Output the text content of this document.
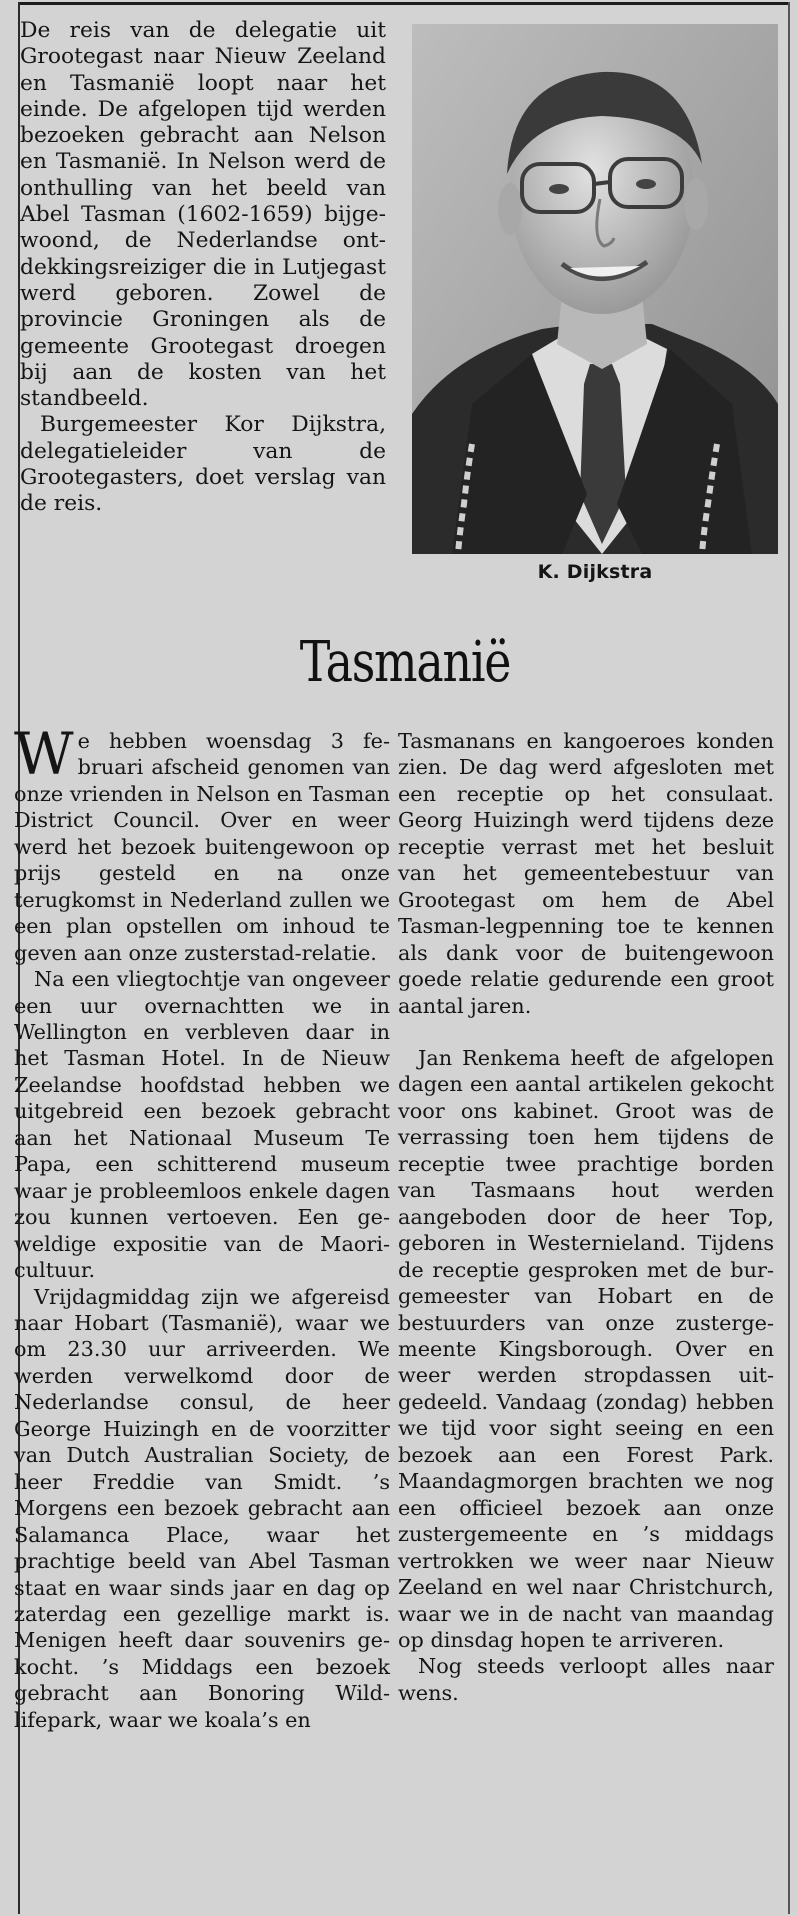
De reis van de delegatie uit Grootegast naar Nieuw Zeeland en Tasmanië loopt naar het einde. De afgelopen tijd werden bezoeken gebracht aan Nelson en Tasmanië. In Nelson werd de onthulling van het beeld van Abel Tasman (1602-1659) bijgewoond, de Nederlandse ontdekkingsreiziger die in Lutjegast werd geboren. Zowel de provincie Groningen als de gemeente Grootegast droegen bij aan de kosten van het standbeeld.

Burgemeester Kor Dijkstra, delegatieleider van de Grootegasters, doet verslag van de reis.

K. Dijkstra
Tasmanië

We hebben woensdag 3 februari afscheid genomen van onze vrienden in Nelson en Tasman District Council. Over en weer werd het bezoek buitengewoon op prijs gesteld en na onze terugkomst in Nederland zullen we een plan opstellen om inhoud te geven aan onze zusterstad-relatie.

Na een vliegtochtje van ongeveer een uur overnachtten we in Wellington en verbleven daar in het Tasman Hotel. In de Nieuw Zeelandse hoofdstad hebben we uitgebreid een bezoek gebracht aan het Nationaal Museum Te Papa, een schitterend museum waar je probleemloos enkele dagen zou kunnen vertoeven. Een geweldige expositie van de Maori-cultuur.

Vrijdagmiddag zijn we afgereisd naar Hobart (Tasmanië), waar we om 23.30 uur arriveerden. We werden verwelkomd door de Nederlandse consul, de heer George Huizingh en de voorzitter van Dutch Australian Society, de heer Freddie van Smidt. ’s Morgens een bezoek gebracht aan Salamanca Place, waar het prachtige beeld van Abel Tasman staat en waar sinds jaar en dag op zaterdag een gezellige markt is. Menigen heeft daar souvenirs gekocht. ’s Middags een bezoek gebracht aan Bonoring Wildlifepark, waar we koala’s en

Tasmanans en kangoeroes konden zien. De dag werd afgesloten met een receptie op het consulaat. Georg Huizingh werd tijdens deze receptie verrast met het besluit van het gemeentebestuur van Grootegast om hem de Abel Tasman-legpenning toe te kennen als dank voor de buitengewoon goede relatie gedurende een groot aantal jaren.

Jan Renkema heeft de afgelopen dagen een aantal artikelen gekocht voor ons kabinet. Groot was de verrassing toen hem tijdens de receptie twee prachtige borden van Tasmaans hout werden aangeboden door de heer Top, geboren in Westernieland. Tijdens de receptie gesproken met de burgemeester van Hobart en de bestuurders van onze zustergemeente Kingsborough. Over en weer werden stropdassen uitgedeeld. Vandaag (zondag) hebben we tijd voor sight seeing en een bezoek aan een Forest Park. Maandagmorgen brachten we nog een officieel bezoek aan onze zustergemeente en ’s middags vertrokken we weer naar Nieuw Zeeland en wel naar Christchurch, waar we in de nacht van maandag op dinsdag hopen te arriveren.

Nog steeds verloopt alles naar wens.
